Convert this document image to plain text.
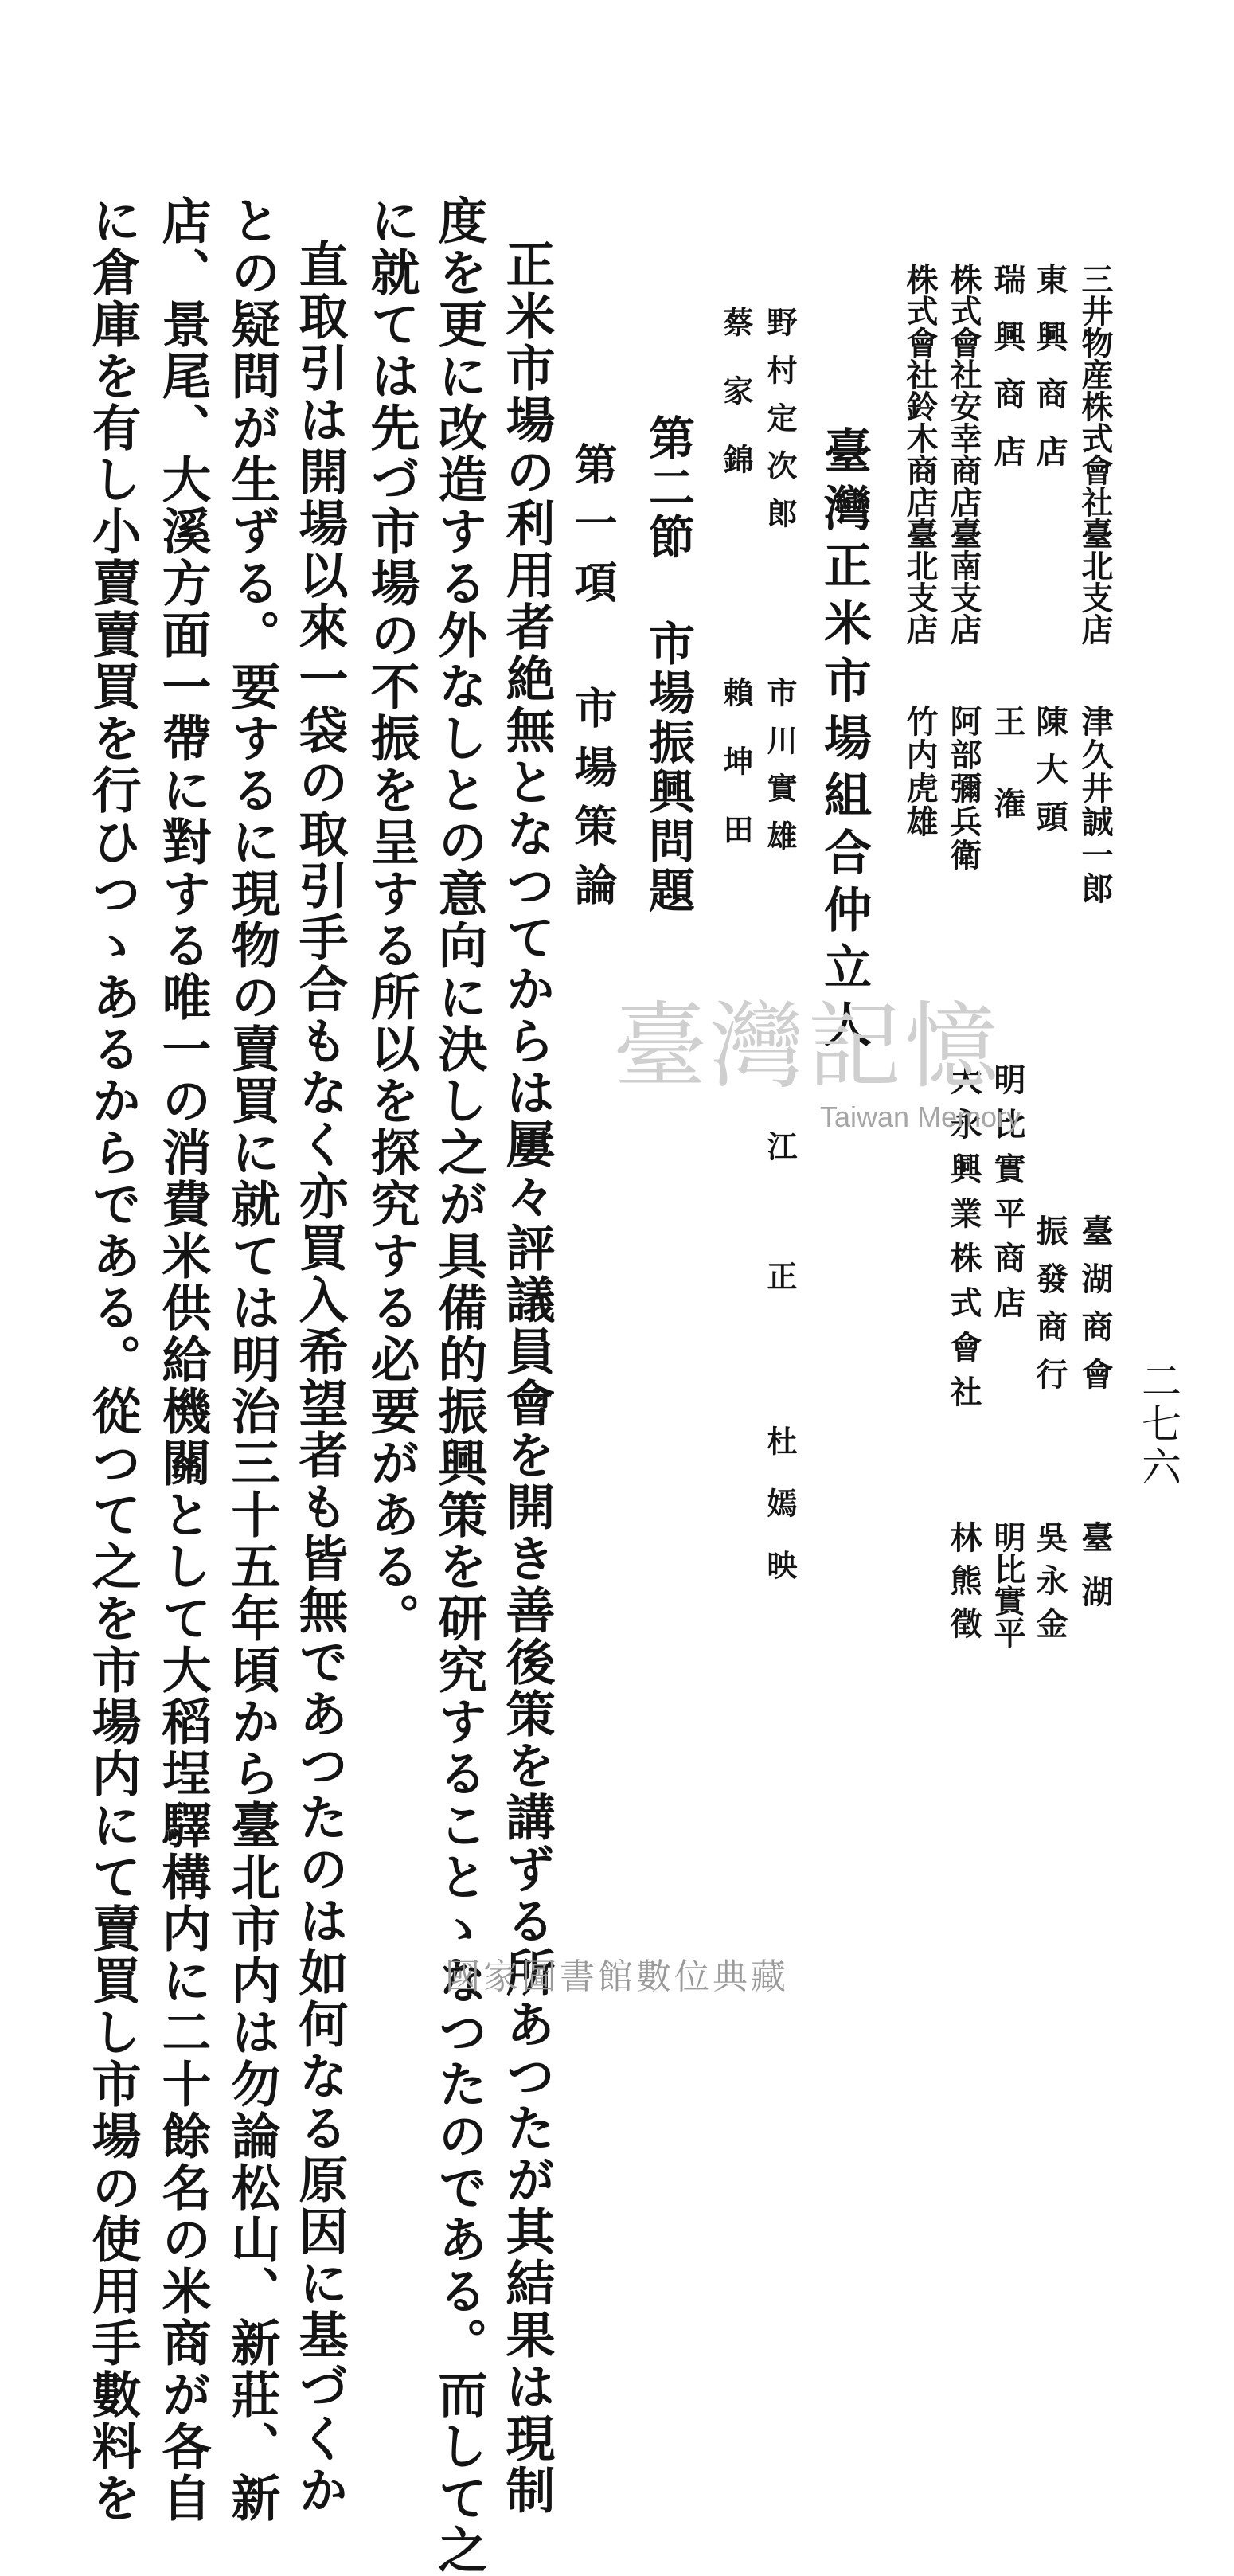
二七六
三井物産株式會社臺北支店
津久井誠一郎
臺湖商會
臺湖
東興商店
陳大頭
振發商行
吳永金
瑞興商店
王 潅
明比實平商店
明比實平
株式會社安幸商店臺南支店
阿部彌兵衛
大永興業株式會社
林熊徵
株式會社鈴木商店臺北支店
竹内虎雄
臺灣正米市場組合仲立人
野村定次郎
市川實雄
江 正
杜嫣映
蔡家錦
賴坤田
第二節 市場振興問題
第一項 市場策論
正米市場の利用者絶無となつてからは屢々評議員會を開き善後策を講ずる所あつたが其結果は現制
度を更に改造する外なしとの意向に決し之が具備的振興策を研究することゝなつたのである。而して之
に就ては先づ市場の不振を呈する所以を探究する必要がある。
直取引は開場以來一袋の取引手合もなく亦買入希望者も皆無であつたのは如何なる原因に基づくか
との疑問が生ずる。要するに現物の賣買に就ては明治三十五年頃から臺北市内は勿論松山、新莊、新
店、景尾、大溪方面一帶に對する唯一の消費米供給機關として大稻埕驛構内に二十餘名の米商が各自
に倉庫を有し小賣賣買を行ひつゝあるからである。從つて之を市場内にて賣買し市場の使用手數料を	臺灣記憶
Taiwan Memory
國家圖書館數位典藏
